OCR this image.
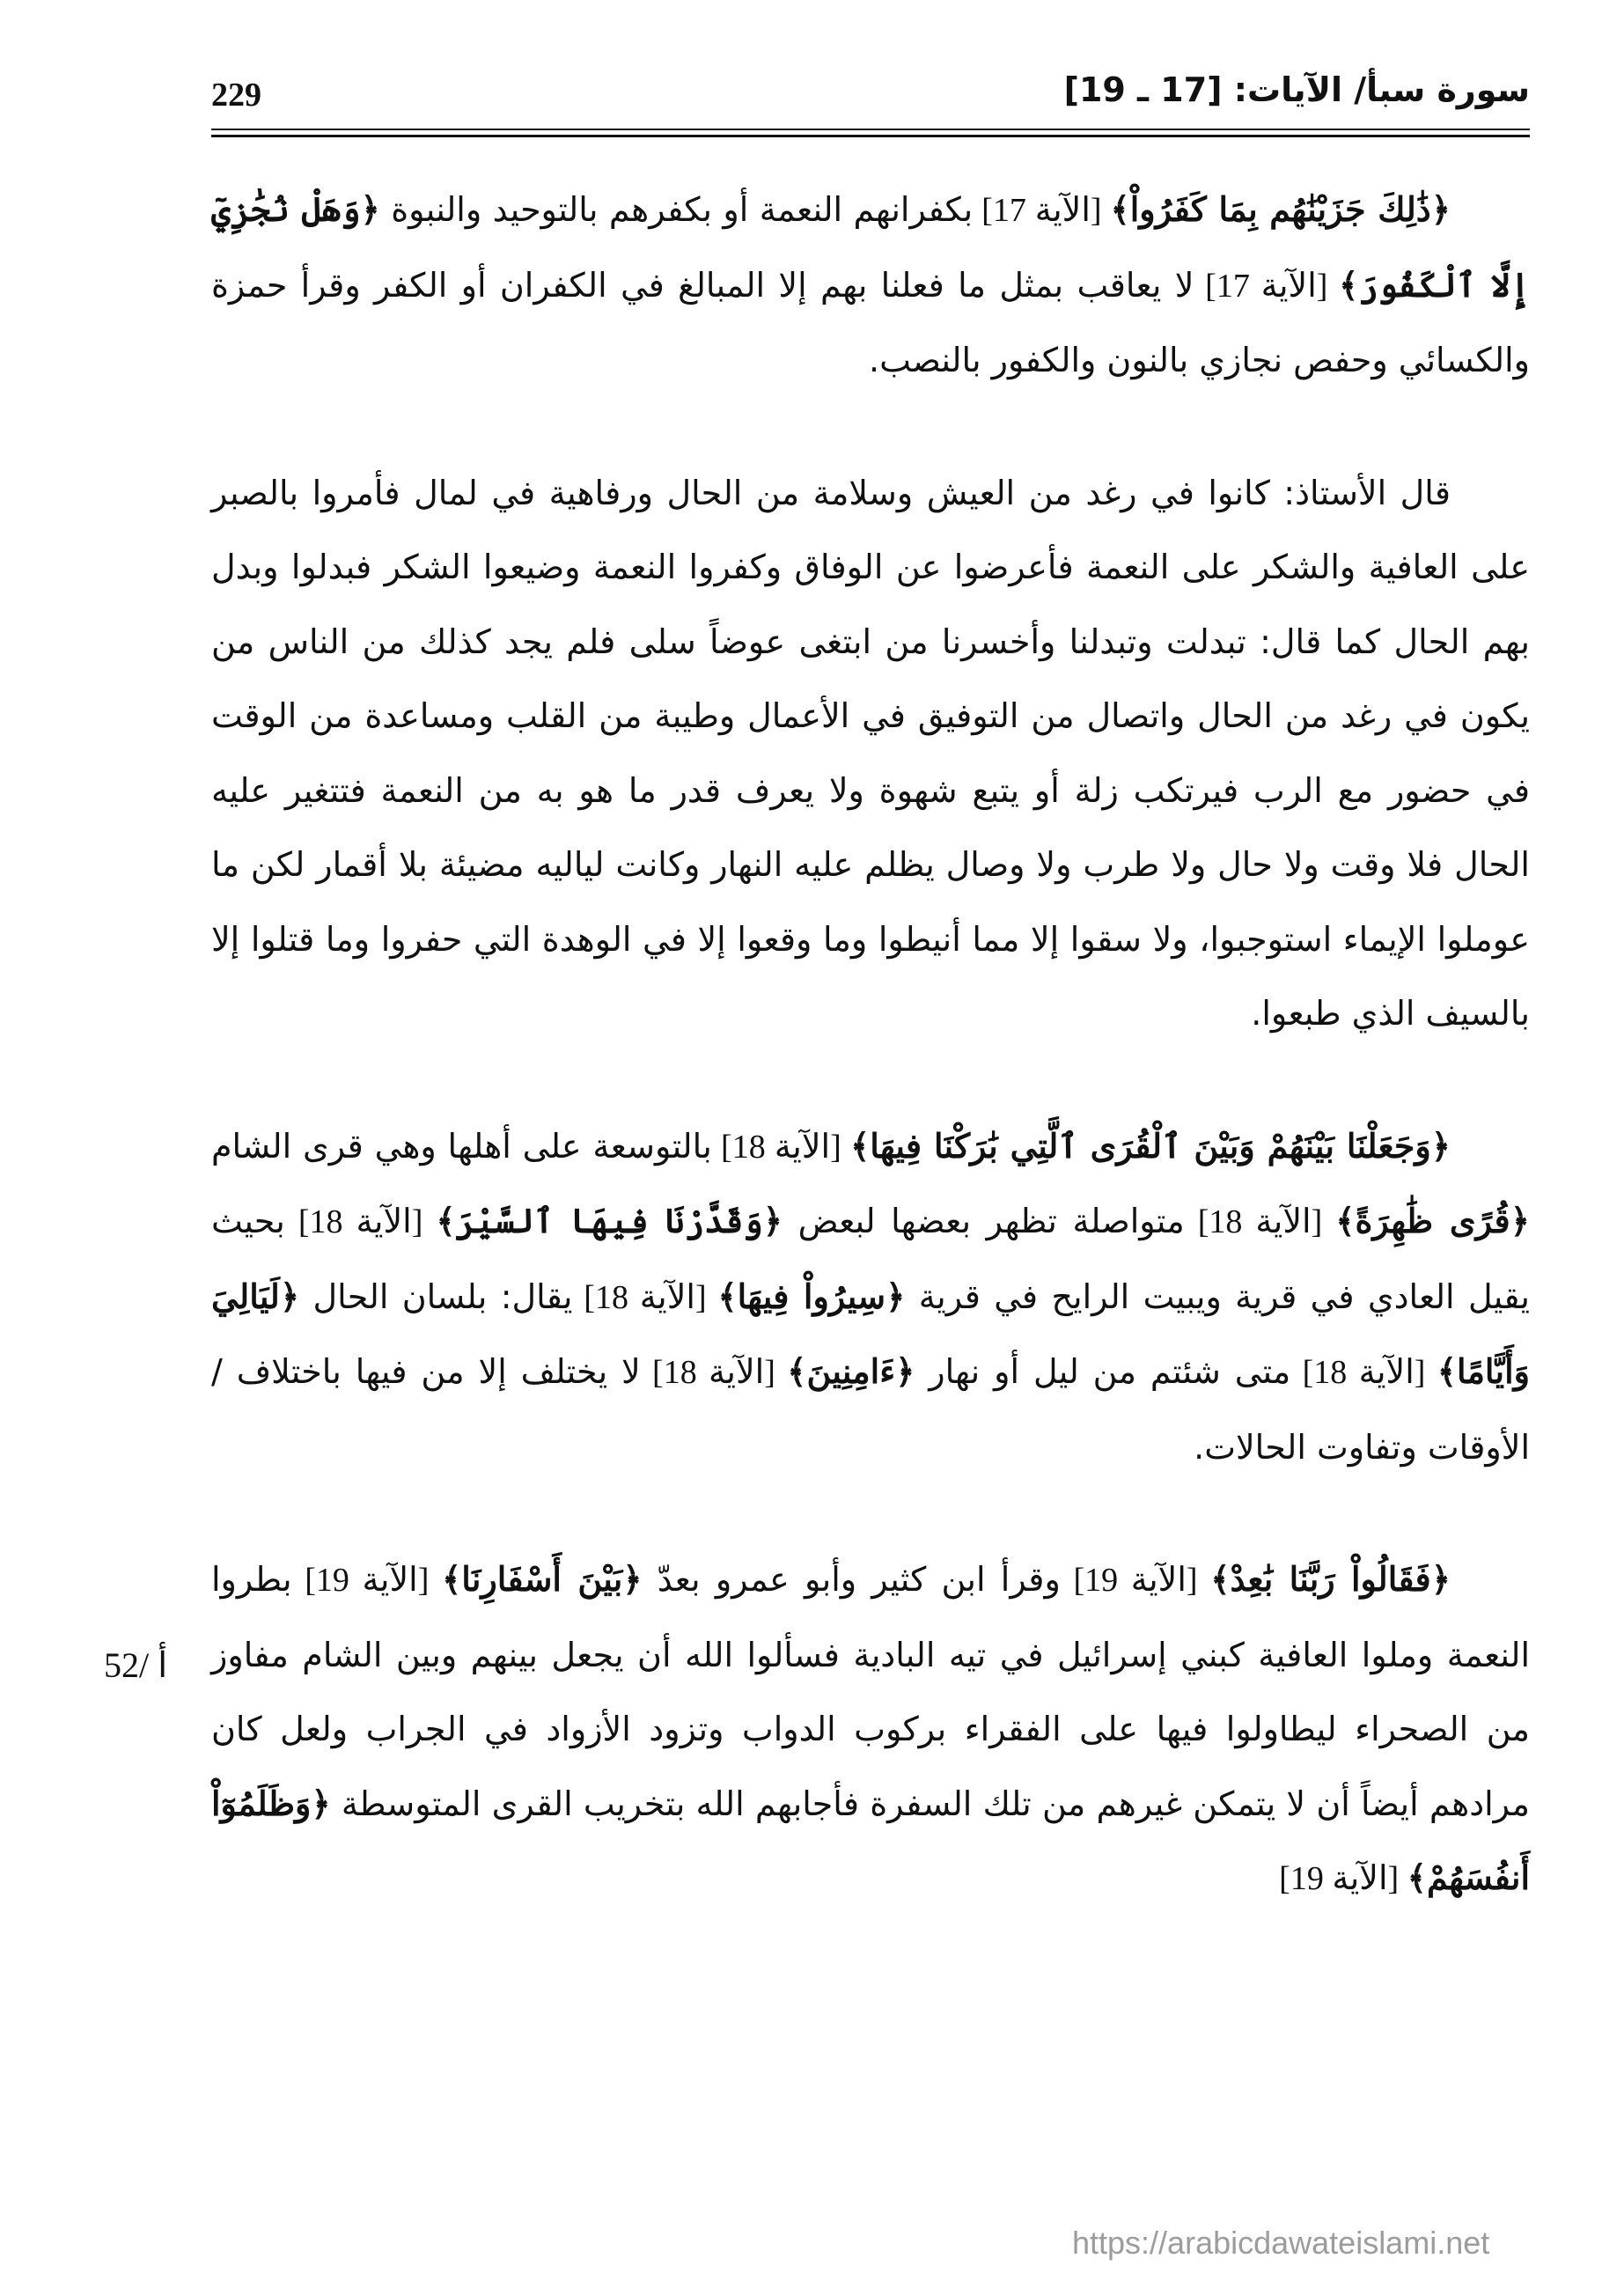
229	سورة سبأ/ الآيات: [17 ـ 19]

﴿ذَٰلِكَ جَزَيْنَٰهُم بِمَا كَفَرُواْ﴾ [الآية 17] بكفرانهم النعمة أو بكفرهم بالتوحيد والنبوة ﴿وَهَلْ نُجَٰزِيٓ إِلَّا ٱلْكَفُورَ﴾ [الآية 17] لا يعاقب بمثل ما فعلنا بهم إلا المبالغ في الكفران أو الكفر وقرأ حمزة والكسائي وحفص نجازي بالنون والكفور بالنصب.

قال الأستاذ: كانوا في رغد من العيش وسلامة من الحال ورفاهية في لمال فأمروا بالصبر على العافية والشكر على النعمة فأعرضوا عن الوفاق وكفروا النعمة وضيعوا الشكر فبدلوا وبدل بهم الحال كما قال: تبدلت وتبدلنا وأخسرنا من ابتغى عوضاً سلى فلم يجد كذلك من الناس من يكون في رغد من الحال واتصال من التوفيق في الأعمال وطيبة من القلب ومساعدة من الوقت في حضور مع الرب فيرتكب زلة أو يتبع شهوة ولا يعرف قدر ما هو به من النعمة فتتغير عليه الحال فلا وقت ولا حال ولا طرب ولا وصال يظلم عليه النهار وكانت لياليه مضيئة بلا أقمار لكن ما عوملوا الإيماء استوجبوا، ولا سقوا إلا مما أنيطوا وما وقعوا إلا في الوهدة التي حفروا وما قتلوا إلا بالسيف الذي طبعوا.

﴿وَجَعَلْنَا بَيْنَهُمْ وَبَيْنَ ٱلْقُرَى ٱلَّتِي بَٰرَكْنَا فِيهَا﴾ [الآية 18] بالتوسعة على أهلها وهي قرى الشام ﴿قُرًى ظَٰهِرَةً﴾ [الآية 18] متواصلة تظهر بعضها لبعض ﴿وَقَدَّرْنَا فِيهَا ٱلسَّيْرَ﴾ [الآية 18] بحيث يقيل العادي في قرية ويبيت الرايح في قرية ﴿سِيرُواْ فِيهَا﴾ [الآية 18] يقال: بلسان الحال ﴿لَيَالِيَ وَأَيَّامًا﴾ [الآية 18] متى شئتم من ليل أو نهار ﴿ءَامِنِينَ﴾ [الآية 18] لا يختلف إلا من فيها باختلاف / الأوقات وتفاوت الحالات.

﴿فَقَالُواْ رَبَّنَا بَٰعِدْ﴾ [الآية 19] وقرأ ابن كثير وأبو عمرو بعدّ ﴿بَيْنَ أَسْفَارِنَا﴾ [الآية 19] بطروا النعمة وملوا العافية كبني إسرائيل في تيه البادية فسألوا الله أن يجعل بينهم وبين الشام مفاوز من الصحراء ليطاولوا فيها على الفقراء بركوب الدواب وتزود الأزواد في الجراب ولعل كان مرادهم أيضاً أن لا يتمكن غيرهم من تلك السفرة فأجابهم الله بتخريب القرى المتوسطة ﴿وَظَلَمُوٓاْ أَنفُسَهُمْ﴾ [الآية 19]

52/ أ
https://arabicdawateislami.net
